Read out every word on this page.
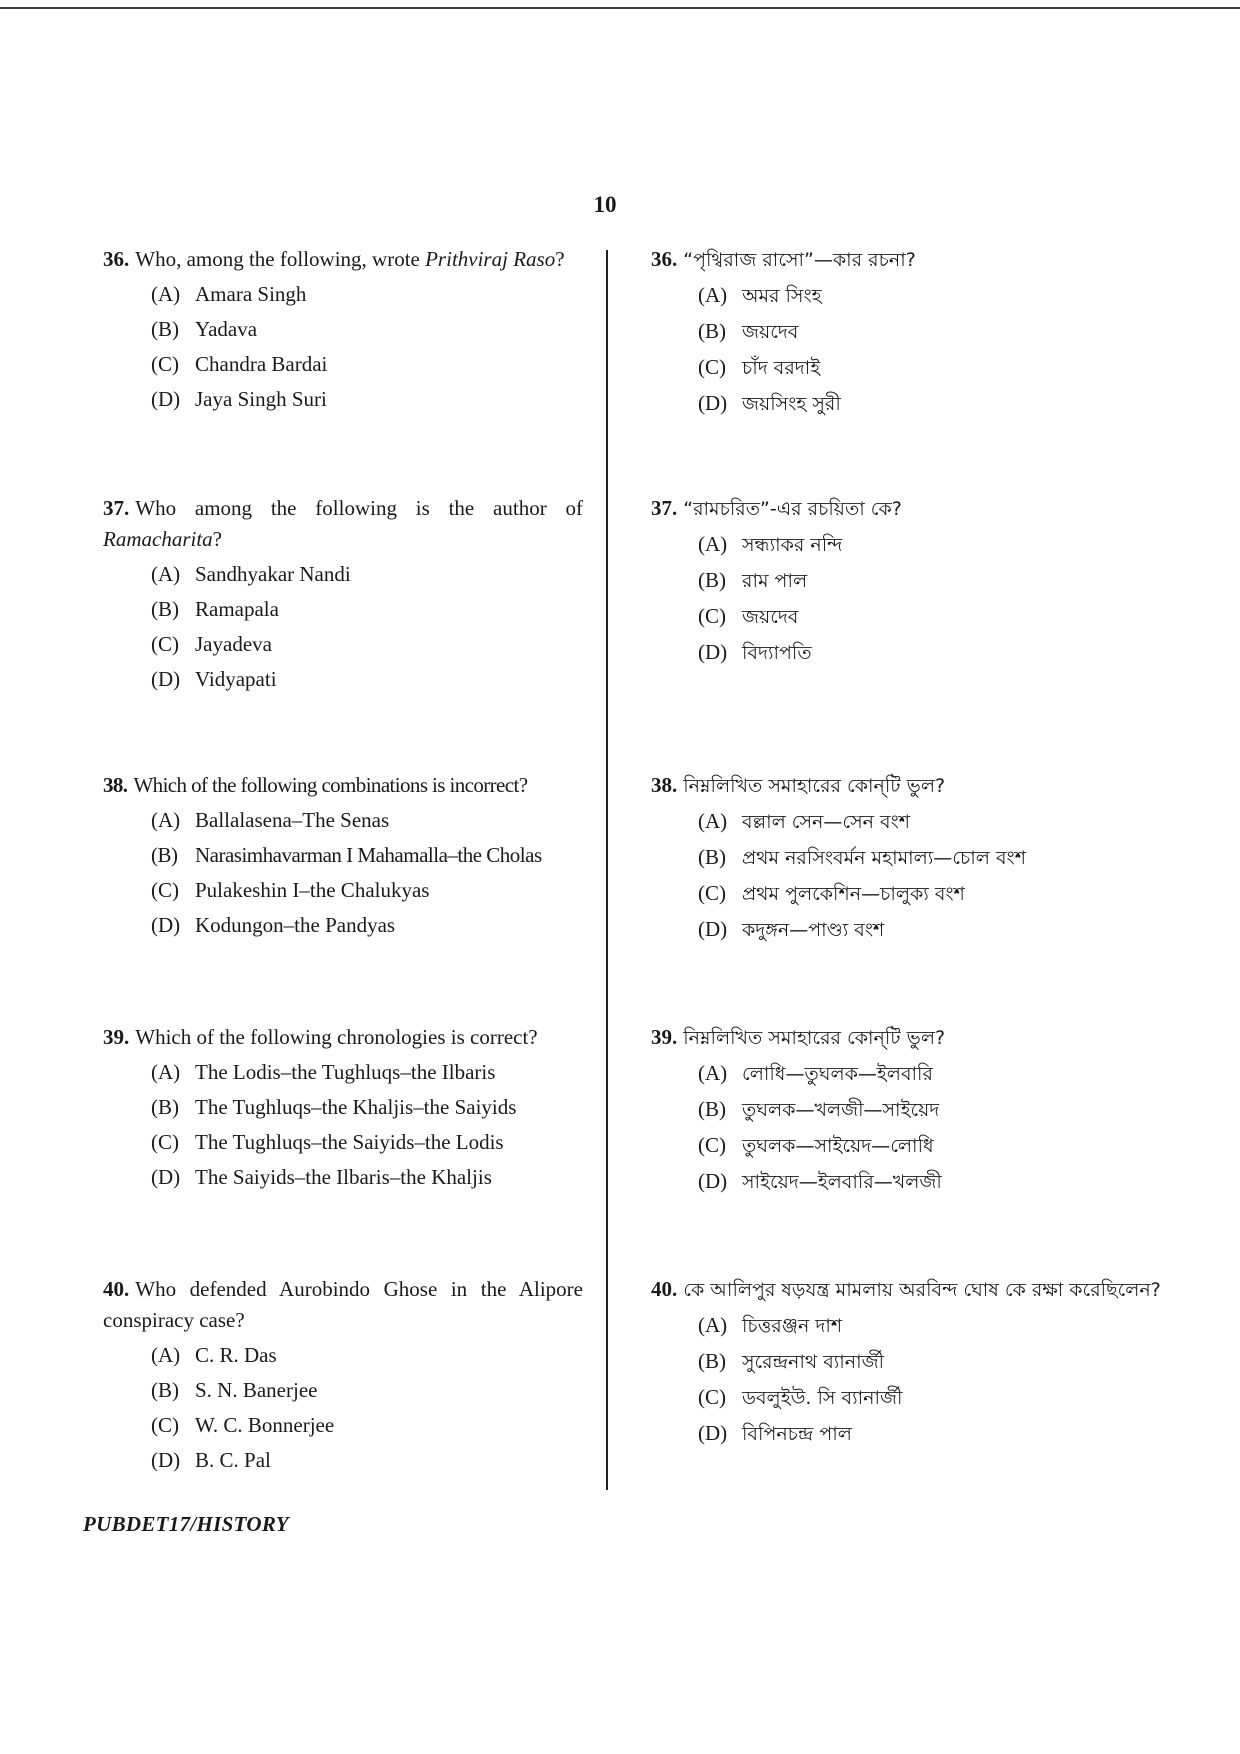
10

36. Who, among the following, wrote Prithviraj Raso?

(A) Amara Singh
(B) Yadava
(C) Chandra Bardai
(D) Jaya Singh Suri

37. Who among the following is the author of Ramacharita?

(A) Sandhyakar Nandi
(B) Ramapala
(C) Jayadeva
(D) Vidyapati

38. Which of the following combinations is incorrect?

(A) Ballalasena–The Senas
(B) Narasimhavarman I Mahamalla–the Cholas
(C) Pulakeshin I–the Chalukyas
(D) Kodungon–the Pandyas

39. Which of the following chronologies is correct?

(A) The Lodis–the Tughluqs–the Ilbaris
(B) The Tughluqs–the Khaljis–the Saiyids
(C) The Tughluqs–the Saiyids–the Lodis
(D) The Saiyids–the Ilbaris–the Khaljis

40. Who defended Aurobindo Ghose in the Alipore conspiracy case?

(A) C. R. Das
(B) S. N. Banerjee
(C) W. C. Bonnerjee
(D) B. C. Pal

36. “পৃথ্বিরাজ রাসো”—কার রচনা?

(A) অমর সিংহ
(B) জয়দেব
(C) চাঁদ বরদাই
(D) জয়সিংহ সুরী

37. “রামচরিত”-এর রচয়িতা কে?

(A) সন্ধ্যাকর নন্দি
(B) রাম পাল
(C) জয়দেব
(D) বিদ্যাপতি

38. নিম্নলিখিত সমাহারের কোন্‌টি ভুল?

(A) বল্লাল সেন—সেন বংশ
(B) প্রথম নরসিংবর্মন মহামাল্য—চোল বংশ
(C) প্রথম পুলকেশিন—চালুক্য বংশ
(D) কদুঙ্গন—পাণ্ড্য বংশ

39. নিম্নলিখিত সমাহারের কোন্‌টি ভুল?

(A) লোধি—তুঘলক—ইলবারি
(B) তুঘলক—খলজী—সাইয়েদ
(C) তুঘলক—সাইয়েদ—লোধি
(D) সাইয়েদ—ইলবারি—খলজী

40. কে আলিপুর ষড়যন্ত্র মামলায় অরবিন্দ ঘোষ কে রক্ষা করেছিলেন?

(A) চিত্তরঞ্জন দাশ
(B) সুরেন্দ্রনাথ ব্যানার্জী
(C) ডবলুইউ. সি ব্যানার্জী
(D) বিপিনচন্দ্র পাল
PUBDET17/HISTORY
